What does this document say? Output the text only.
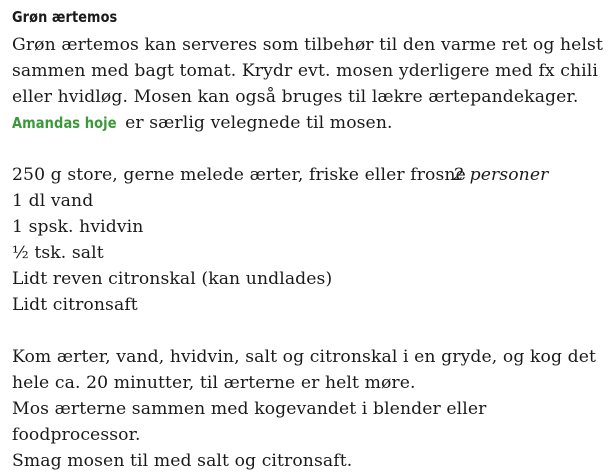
Grøn ærtemos

Grøn ærtemos kan serveres som tilbehør til den varme ret og helst sammen med bagt tomat. Krydr evt. mosen yderligere med fx chili eller hvidløg. Mosen kan også bruges til lækre ærtepandekager. Amandas hoje er særlig velegnede til mosen.

2 personer

250 g store, gerne melede ærter, friske eller frosne

1 dl vand

1 spsk. hvidvin

½ tsk. salt

Lidt reven citronskal (kan undlades)

Lidt citronsaft

Kom ærter, vand, hvidvin, salt og citronskal i en gryde, og kog det hele ca. 20 minutter, til ærterne er helt møre.

Mos ærterne sammen med kogevandet i blender eller foodprocessor.

Smag mosen til med salt og citronsaft.
